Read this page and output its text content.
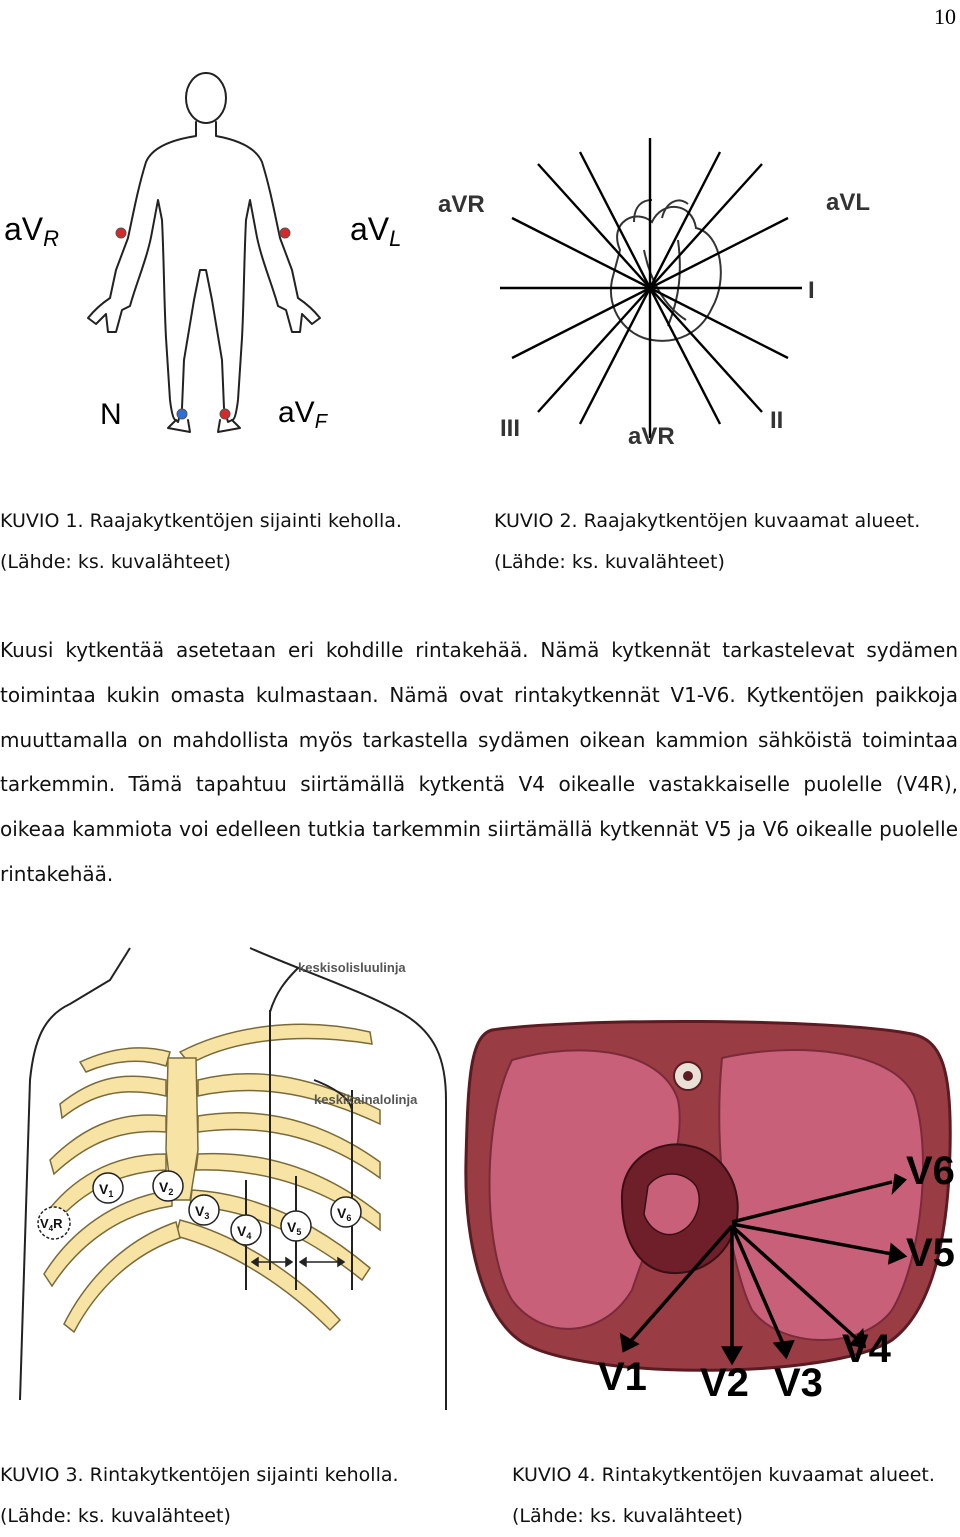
10
aVR	aVL
N	$aV_F$
aVR	aVL
I
III	aVR
II
KUVIO 1. Raajakytkentöjen sijainti keholla.
(Lähde: ks. kuvalähteet)
KUVIO 2. Raajakytkentöjen kuvaamat alueet.
(Lähde: ks. kuvalähteet)

Kuusi kytkentää asetetaan eri kohdille rintakehää. Nämä kytkennät tarkastelevat sydämen toimintaa kukin omasta kulmastaan. Nämä ovat rintakytkennät V1-V6. Kytkentöjen paikkoja muuttamalla on mahdollista myös tarkastella sydämen oikean kammion sähköistä toimintaa tarkemmin. Tämä tapahtuu siirtämällä kytkentä V4 oikealle vastakkaiselle puolelle (V4R), oikeaa kammiota voi edelleen tutkia tarkemmin siirtämällä kytkennät V5 ja V6 oikealle puolelle rintakehää.

keskisolisluulinja
keskikainalolinja
$V_1$	$V_2$
$V_3$
$V_4$
$V_5$
$V_6$
$V_4R$
V6
V5
V4
V3
V2
V1
KUVIO 3. Rintakytkentöjen sijainti keholla.
(Lähde: ks. kuvalähteet)
KUVIO 4. Rintakytkentöjen kuvaamat alueet.
(Lähde: ks. kuvalähteet)
